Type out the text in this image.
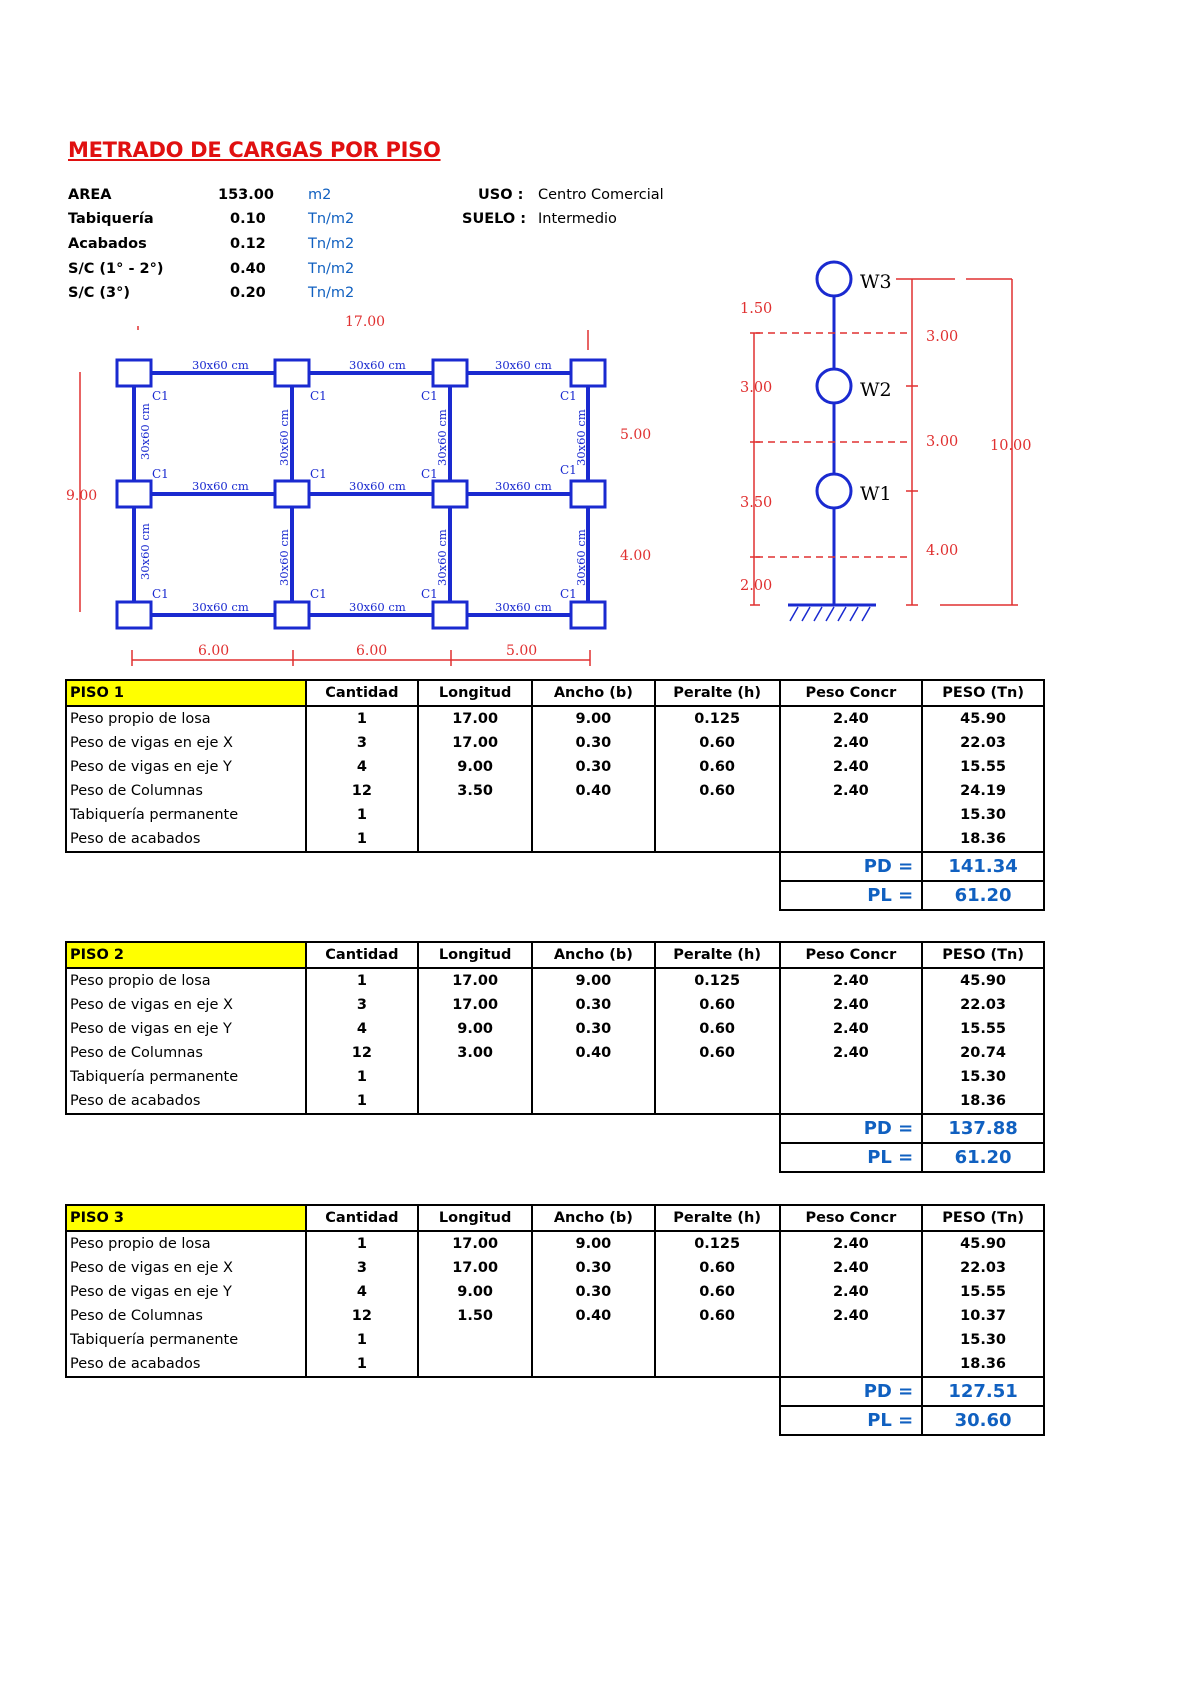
METRADO DE CARGAS POR PISO
AREA	153.00 m2
Tabiquería	0.10	Tn/m2
Acabados	0.12	Tn/m2
S/C (1° - 2°)	0.40	Tn/m2
S/C (3°)	0.20	Tn/m2
USO : Centro Comercial
SUELO : Intermedio
17.00
9.00
6.00	6.00	5.00
5.00
4.00
30x60 cm	30x60 cm	30x60 cm
30x60 cm	30x60 cm	30x60 cm
30x60 cm	30x60 cm	30x60 cm
30x60 cm	30x60 cm	30x60 cm	30x60 cm
30x60 cm	30x60 cm	30x60 cm	30x60 cm
C1	C1	C1	C1
C1	C1	C1	C1
C1	C1	C1	C1
W3
W2
W1
1.50
3.00
3.50
2.00
3.00
3.00
4.00
10.00
PISO 1	Cantidad	Longitud	Ancho (b)	Peralte (h)	Peso Concr	PESO (Tn)
Peso propio de losa	1	17.00	9.00	0.125	2.40	45.90
Peso de vigas en eje X	3	17.00	0.30	0.60	2.40	22.03
Peso de vigas en eje Y	4	9.00	0.30	0.60	2.40	15.55
Peso de Columnas	12	3.50	0.40	0.60	2.40	24.19
Tabiquería permanente	1					15.30
Peso de acabados	1					18.36
					PD =	141.34
					PL =	61.20
PISO 2	Cantidad	Longitud	Ancho (b)	Peralte (h)	Peso Concr	PESO (Tn)
Peso propio de losa	1	17.00	9.00	0.125	2.40	45.90
Peso de vigas en eje X	3	17.00	0.30	0.60	2.40	22.03
Peso de vigas en eje Y	4	9.00	0.30	0.60	2.40	15.55
Peso de Columnas	12	3.00	0.40	0.60	2.40	20.74
Tabiquería permanente	1					15.30
Peso de acabados	1					18.36
					PD =	137.88
					PL =	61.20
PISO 3	Cantidad	Longitud	Ancho (b)	Peralte (h)	Peso Concr	PESO (Tn)
Peso propio de losa	1	17.00	9.00	0.125	2.40	45.90
Peso de vigas en eje X	3	17.00	0.30	0.60	2.40	22.03
Peso de vigas en eje Y	4	9.00	0.30	0.60	2.40	15.55
Peso de Columnas	12	1.50	0.40	0.60	2.40	10.37
Tabiquería permanente	1					15.30
Peso de acabados	1					18.36
					PD =	127.51
					PL =	30.60
